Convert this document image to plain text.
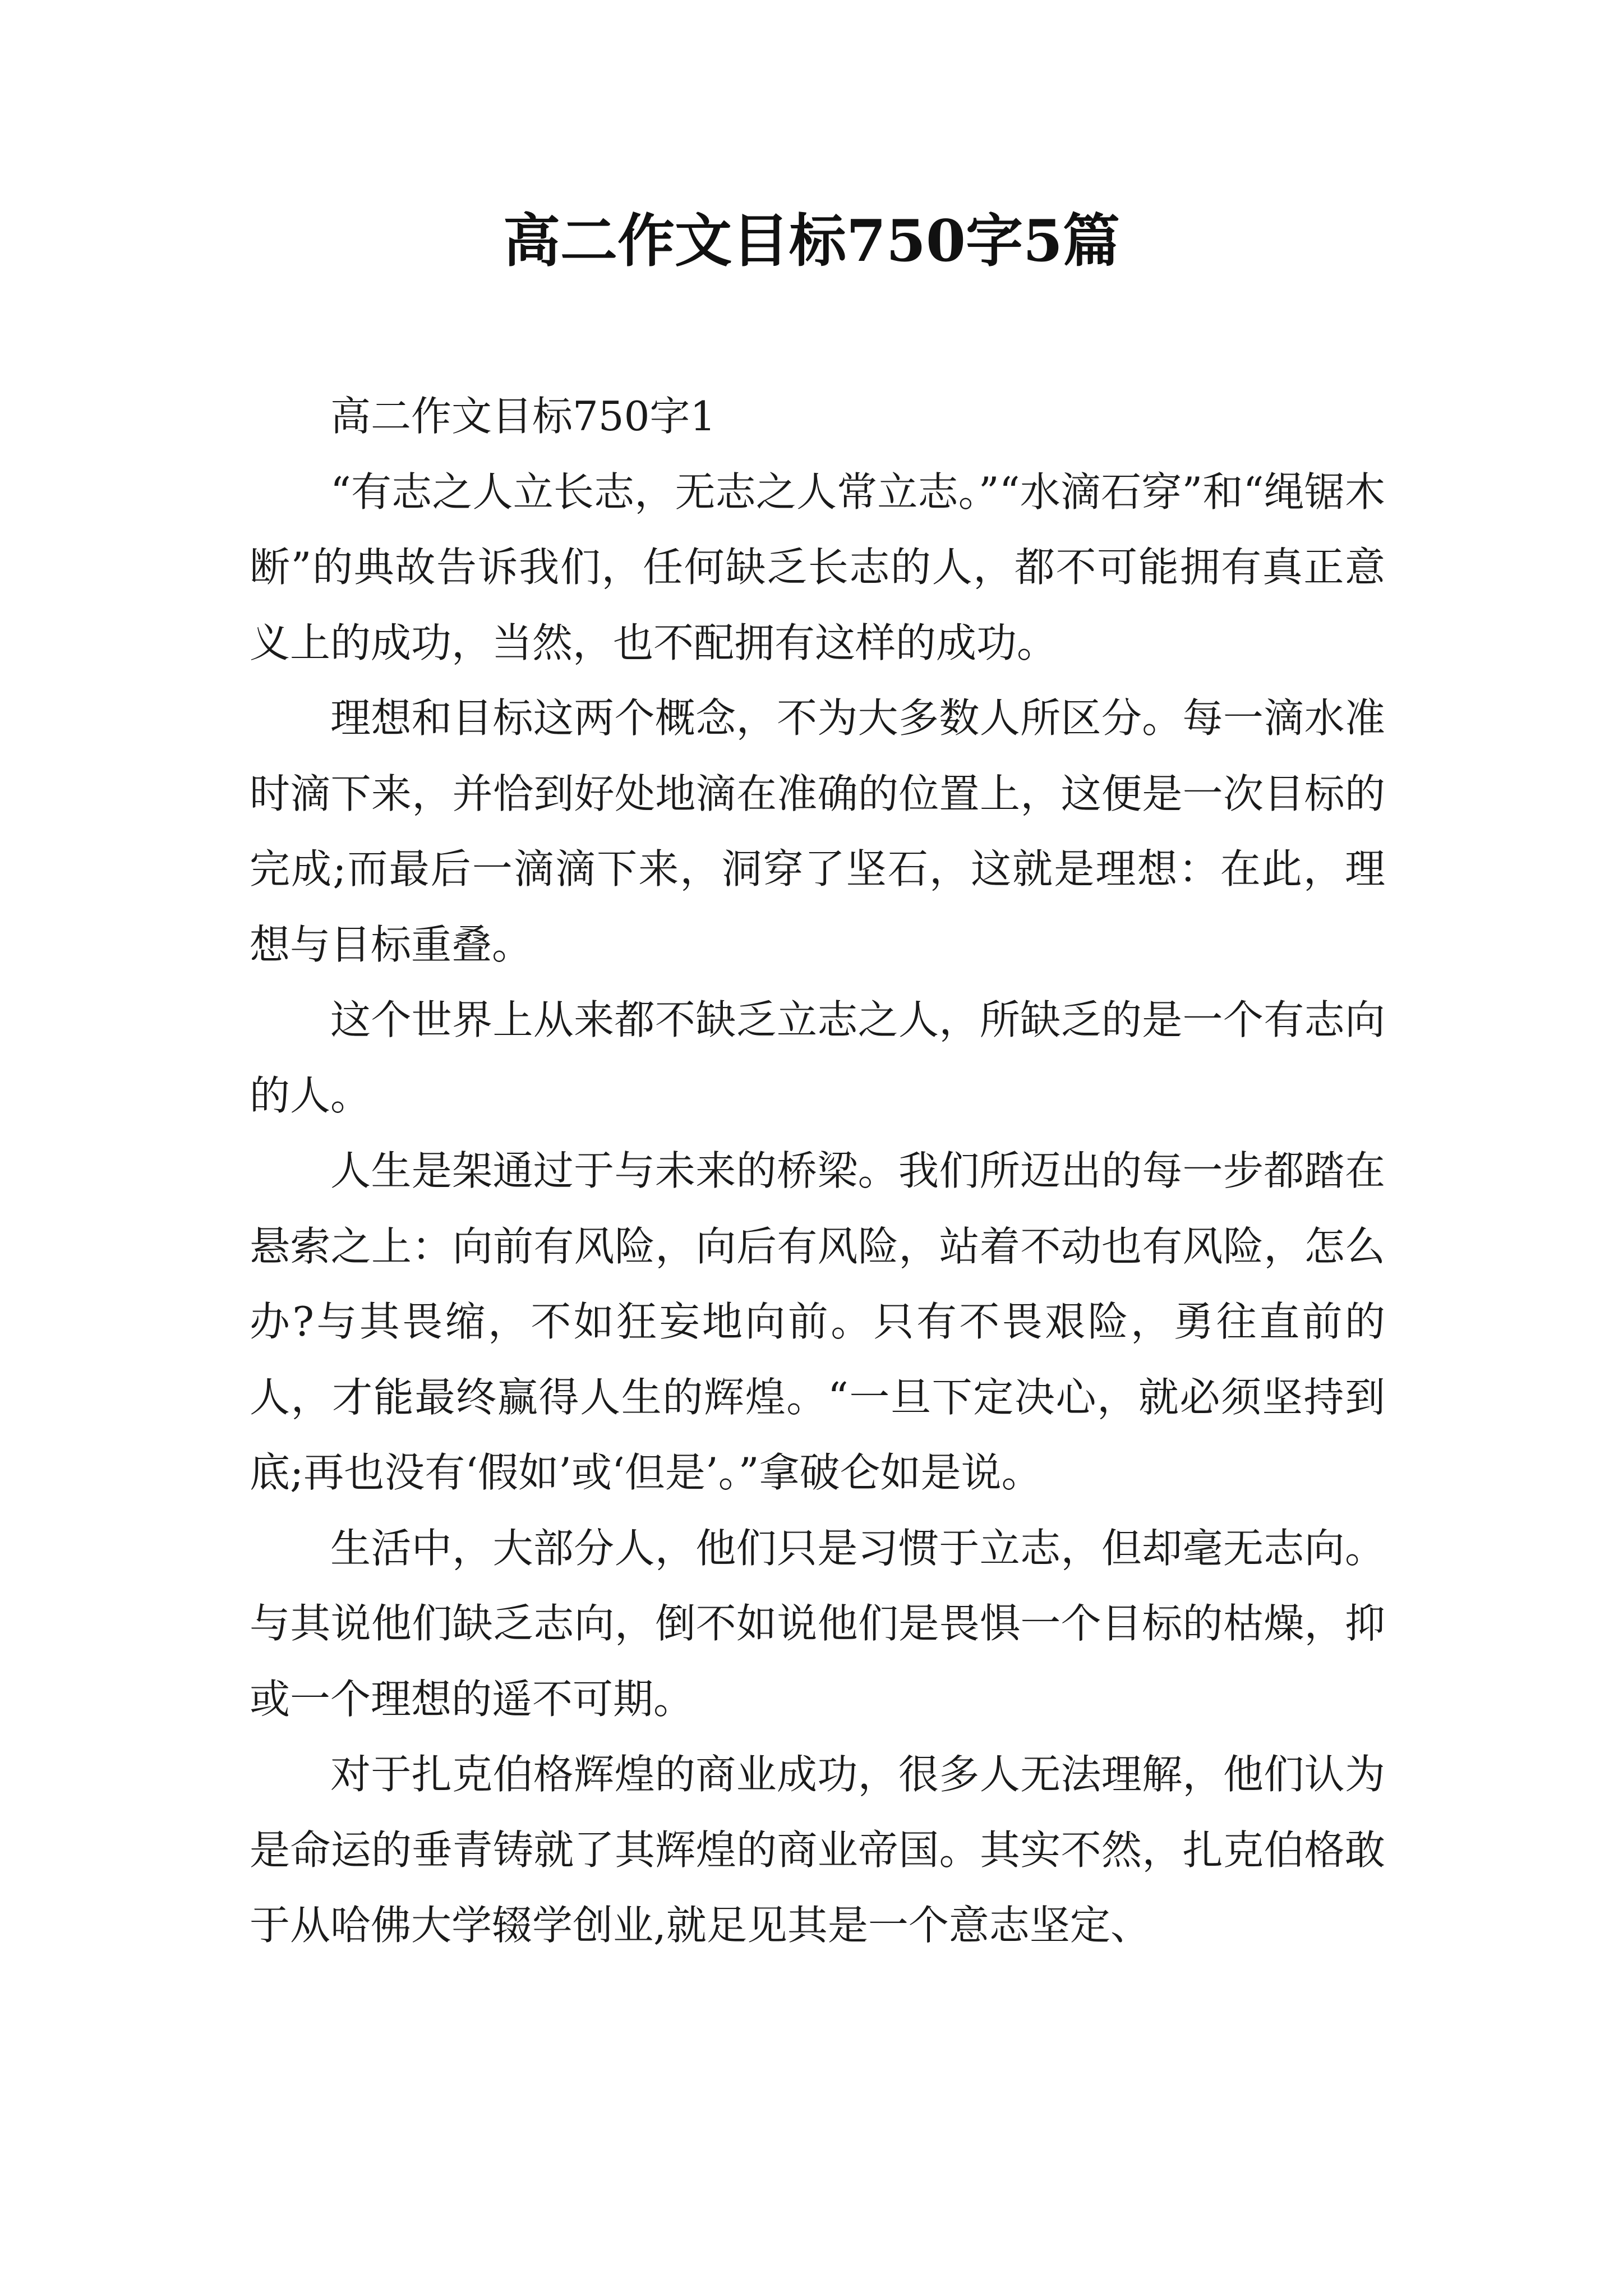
高二作文目标750字5篇

高二作文目标750字1

“有志之人立长志，无志之人常立志。”“水滴石穿”和“绳锯木断”的典故告诉我们，任何缺乏长志的人，都不可能拥有真正意义上的成功，当然，也不配拥有这样的成功。

理想和目标这两个概念，不为大多数人所区分。每一滴水准时滴下来，并恰到好处地滴在准确的位置上，这便是一次目标的完成;而最后一滴滴下来，洞穿了坚石，这就是理想：在此，理想与目标重叠。

这个世界上从来都不缺乏立志之人，所缺乏的是一个有志向的人。

人生是架通过于与未来的桥梁。我们所迈出的每一步都踏在悬索之上：向前有风险，向后有风险，站着不动也有风险，怎么办?与其畏缩，不如狂妄地向前。只有不畏艰险，勇往直前的人，才能最终赢得人生的辉煌。“一旦下定决心，就必须坚持到底;再也没有‘假如’或‘但是’。”拿破仑如是说。

生活中，大部分人，他们只是习惯于立志，但却毫无志向。与其说他们缺乏志向，倒不如说他们是畏惧一个目标的枯燥，抑或一个理想的遥不可期。

对于扎克伯格辉煌的商业成功，很多人无法理解，他们认为是命运的垂青铸就了其辉煌的商业帝国。其实不然，扎克伯格敢于从哈佛大学辍学创业,就足见其是一个意志坚定、
